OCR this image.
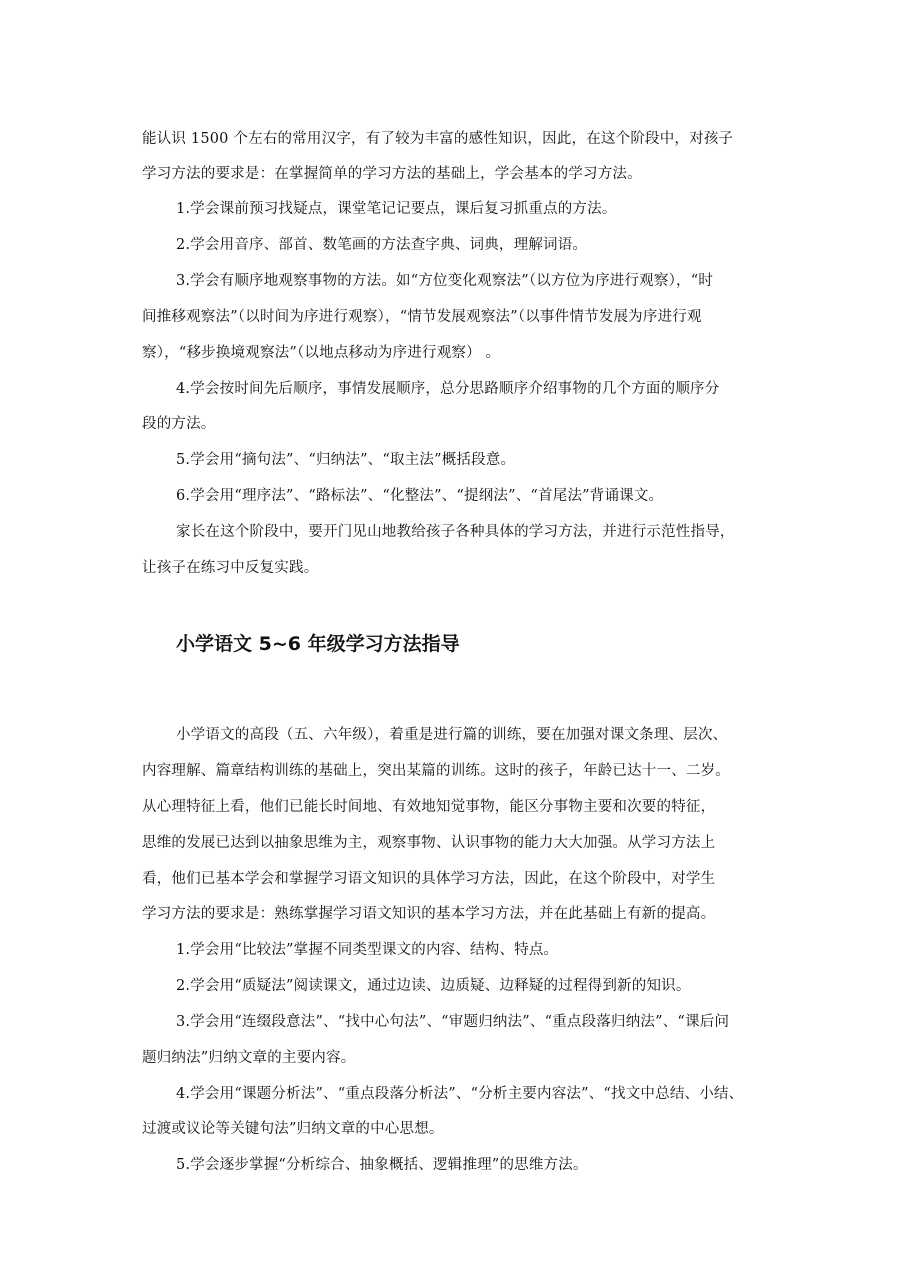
能认识 1500 个左右的常用汉字，有了较为丰富的感性知识，因此，在这个阶段中，对孩子
学习方法的要求是：在掌握简单的学习方法的基础上，学会基本的学习方法。
1.学会课前预习找疑点，课堂笔记记要点，课后复习抓重点的方法。
2.学会用音序、部首、数笔画的方法查字典、词典，理解词语。
3.学会有顺序地观察事物的方法。如“方位变化观察法”（以方位为序进行观察），“时
间推移观察法”（以时间为序进行观察），“情节发展观察法”（以事件情节发展为序进行观
察），“移步换境观察法”（以地点移动为序进行观察） 。
4.学会按时间先后顺序，事情发展顺序，总分思路顺序介绍事物的几个方面的顺序分
段的方法。
5.学会用“摘句法”、“归纳法”、“取主法”概括段意。
6.学会用“理序法”、“路标法”、“化整法”、“提纲法”、“首尾法”背诵课文。
家长在这个阶段中，要开门见山地教给孩子各种具体的学习方法，并进行示范性指导，
让孩子在练习中反复实践。
小学语文 5~6 年级学习方法指导
小学语文的高段（五、六年级），着重是进行篇的训练，要在加强对课文条理、层次、
内容理解、篇章结构训练的基础上，突出某篇的训练。这时的孩子，年龄已达十一、二岁。
从心理特征上看，他们已能长时间地、有效地知觉事物，能区分事物主要和次要的特征，
思维的发展已达到以抽象思维为主，观察事物、认识事物的能力大大加强。从学习方法上
看，他们已基本学会和掌握学习语文知识的具体学习方法，因此，在这个阶段中，对学生
学习方法的要求是：熟练掌握学习语文知识的基本学习方法，并在此基础上有新的提高。
1.学会用“比较法”掌握不同类型课文的内容、结构、特点。
2.学会用“质疑法”阅读课文，通过边读、边质疑、边释疑的过程得到新的知识。
3.学会用“连缀段意法”、“找中心句法”、“审题归纳法”、“重点段落归纳法”、“课后问
题归纳法”归纳文章的主要内容。
4.学会用“课题分析法”、“重点段落分析法”、“分析主要内容法”、“找文中总结、小结、
过渡或议论等关键句法”归纳文章的中心思想。
5.学会逐步掌握“分析综合、抽象概括、逻辑推理”的思维方法。
